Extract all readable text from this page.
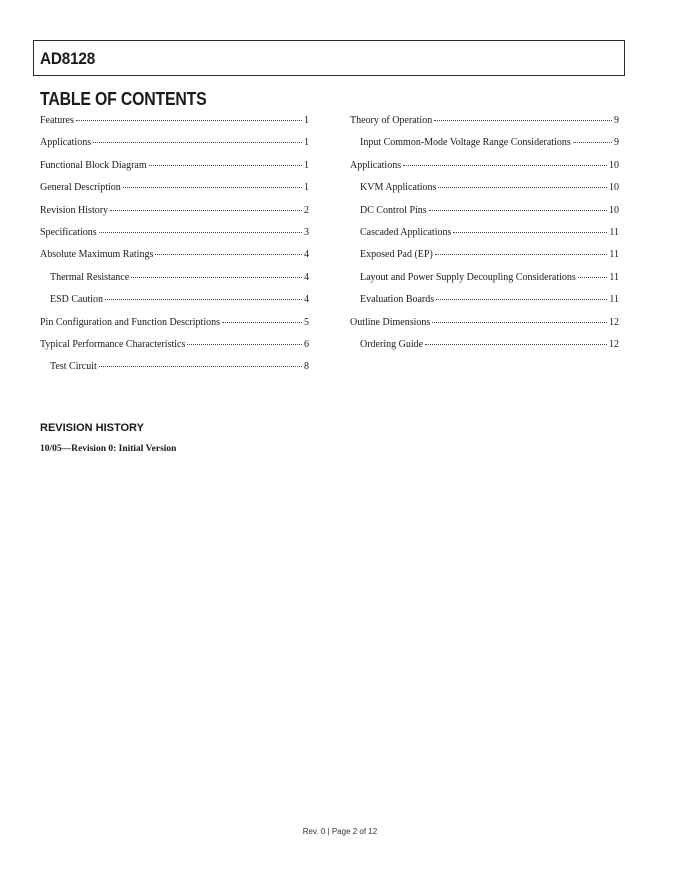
AD8128
TABLE OF CONTENTS
Features	1
Applications	1
Functional Block Diagram	1
General Description	1
Revision History	2
Specifications	3
Absolute Maximum Ratings	4
Thermal Resistance	4
ESD Caution	4
Pin Configuration and Function Descriptions	5
Typical Performance Characteristics	6
Test Circuit	8
Theory of Operation	9
Input Common-Mode Voltage Range Considerations	9
Applications	10
KVM Applications	10
DC Control Pins	10
Cascaded Applications	11
Exposed Pad (EP)	11
Layout and Power Supply Decoupling Considerations	11
Evaluation Boards	11
Outline Dimensions	12
Ordering Guide	12
REVISION HISTORY
10/05—Revision 0: Initial Version
Rev. 0 | Page 2 of 12
